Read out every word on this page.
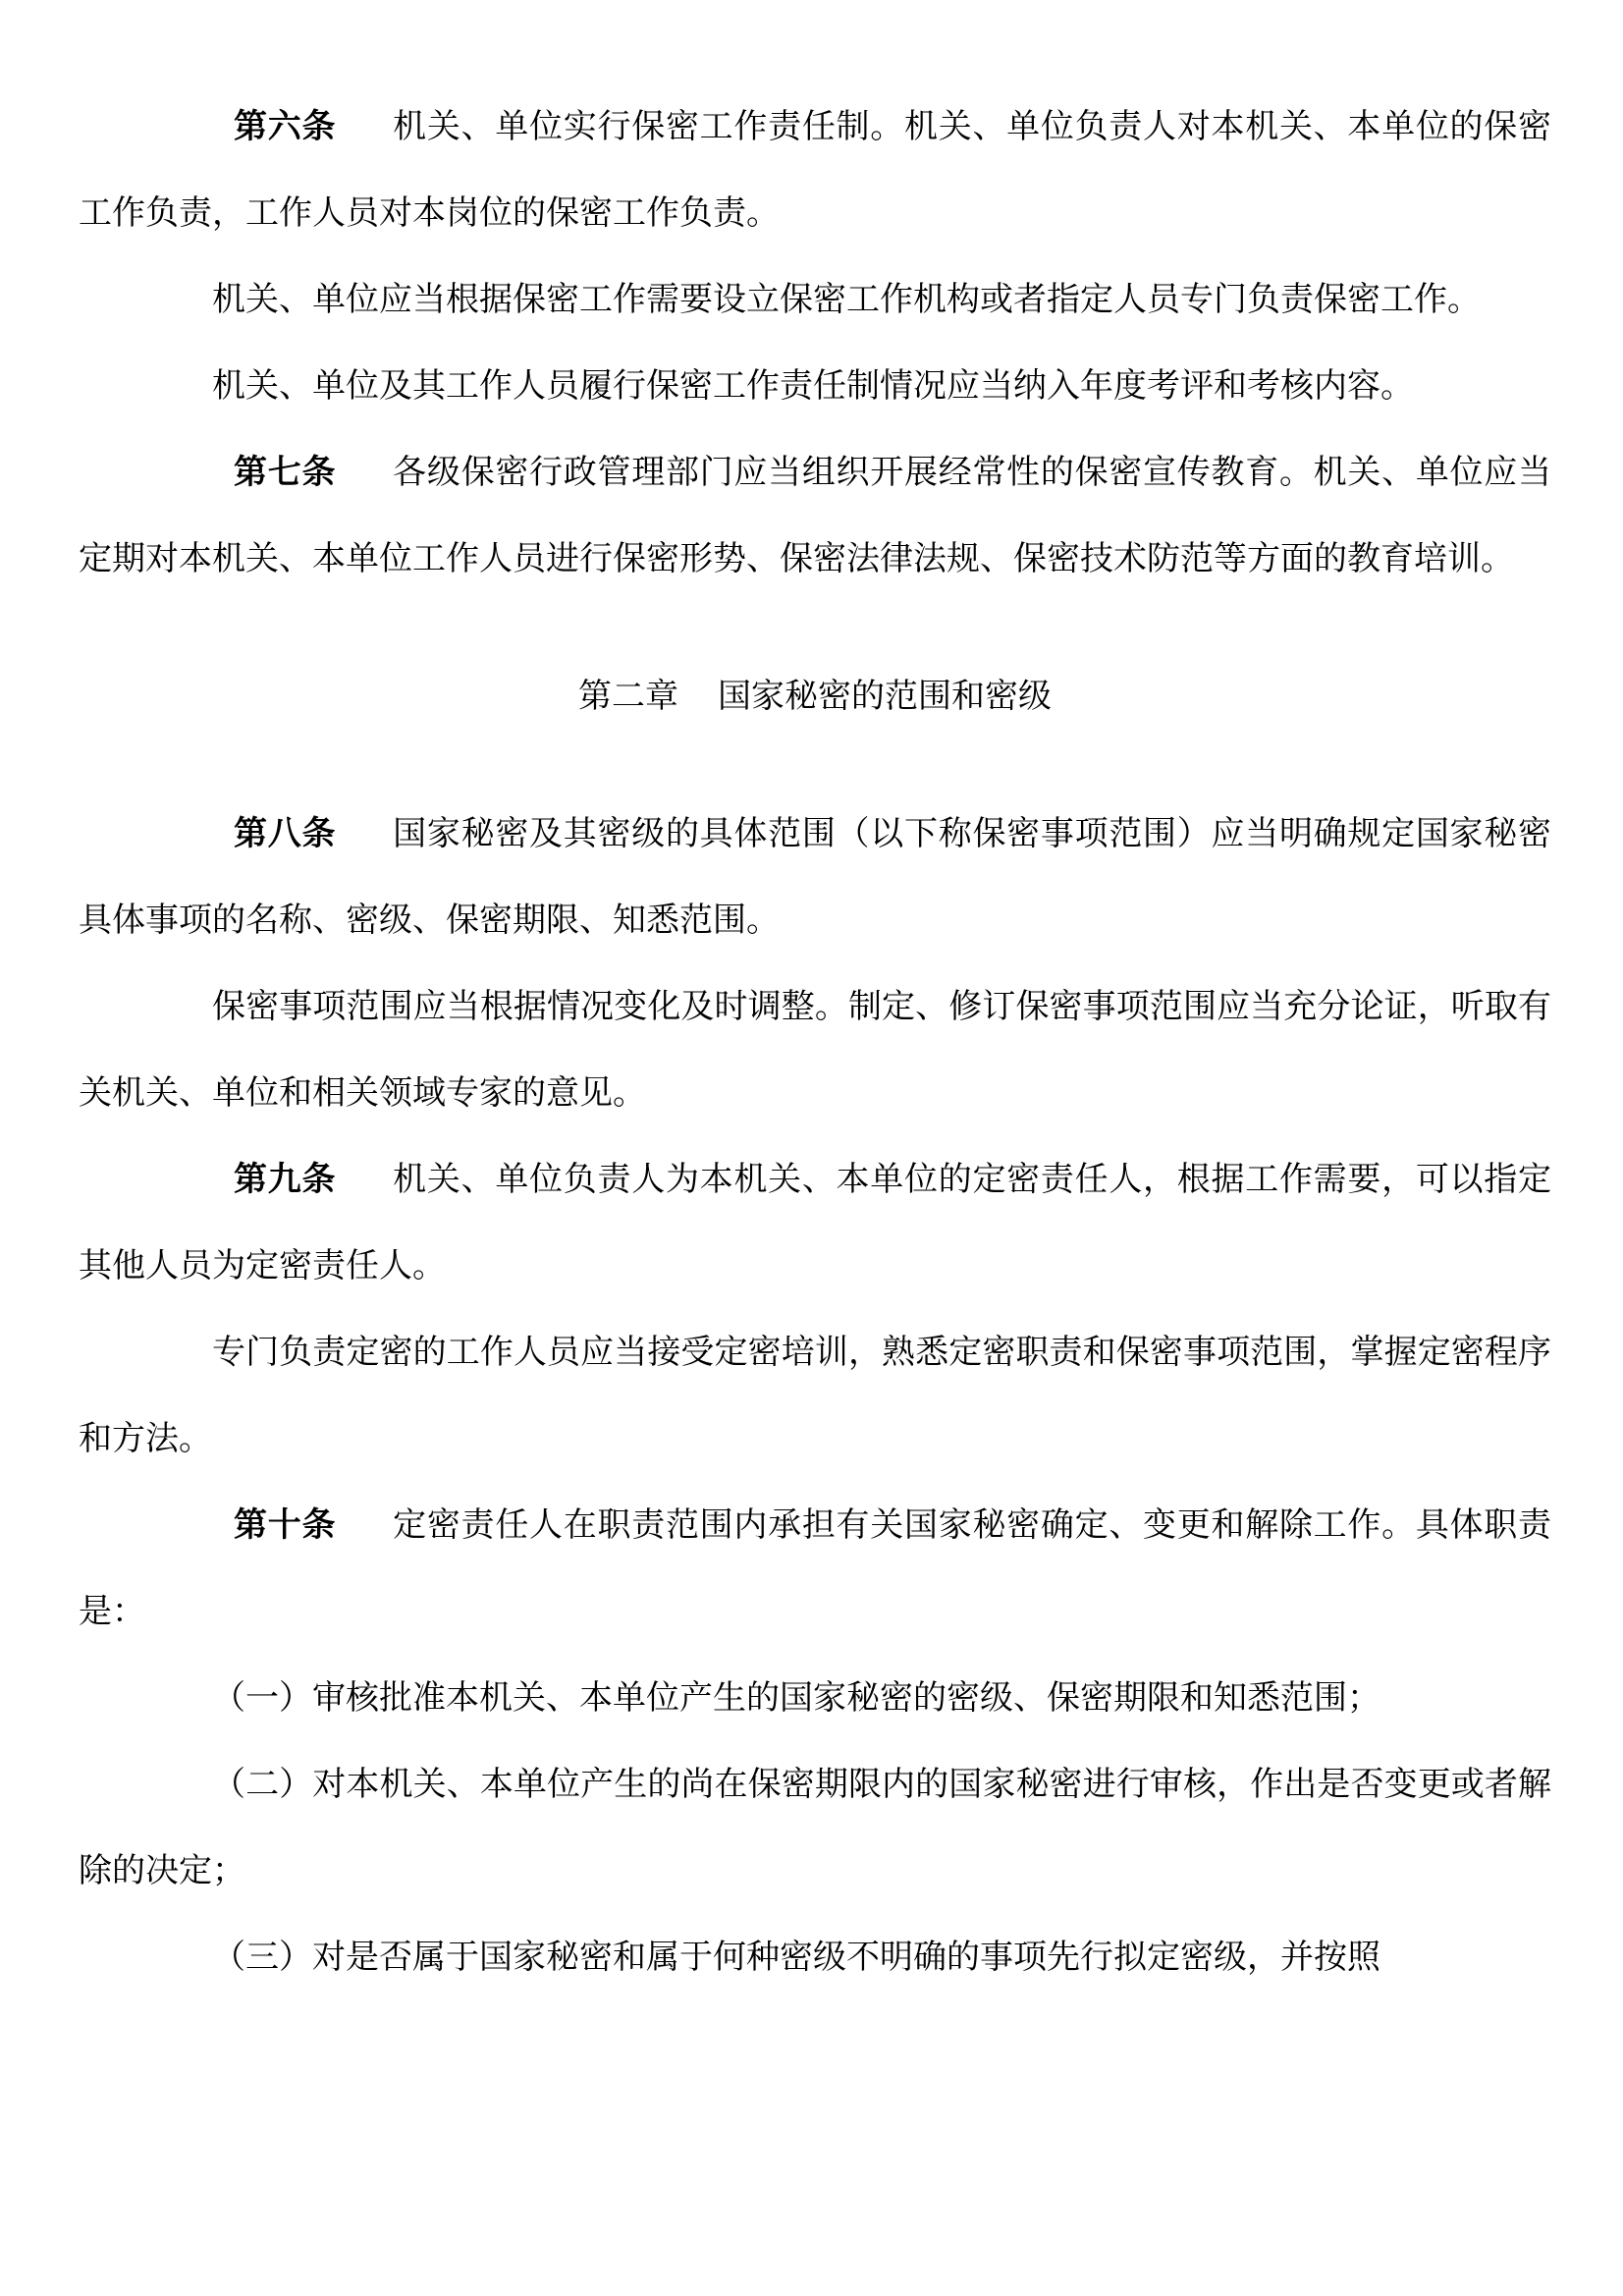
第六条 机关、单位实行保密工作责任制。机关、单位负责人对本机关、本单位的保密工作负责，工作人员对本岗位的保密工作负责。

机关、单位应当根据保密工作需要设立保密工作机构或者指定人员专门负责保密工作。

机关、单位及其工作人员履行保密工作责任制情况应当纳入年度考评和考核内容。

第七条 各级保密行政管理部门应当组织开展经常性的保密宣传教育。机关、单位应当定期对本机关、本单位工作人员进行保密形势、保密法律法规、保密技术防范等方面的教育培训。

第二章 国家秘密的范围和密级

第八条 国家秘密及其密级的具体范围（以下称保密事项范围）应当明确规定国家秘密具体事项的名称、密级、保密期限、知悉范围。

保密事项范围应当根据情况变化及时调整。制定、修订保密事项范围应当充分论证，听取有关机关、单位和相关领域专家的意见。

第九条 机关、单位负责人为本机关、本单位的定密责任人，根据工作需要，可以指定其他人员为定密责任人。

专门负责定密的工作人员应当接受定密培训，熟悉定密职责和保密事项范围，掌握定密程序和方法。

第十条 定密责任人在职责范围内承担有关国家秘密确定、变更和解除工作。具体职责是：

（一）审核批准本机关、本单位产生的国家秘密的密级、保密期限和知悉范围；

（二）对本机关、本单位产生的尚在保密期限内的国家秘密进行审核，作出是否变更或者解除的决定；

（三）对是否属于国家秘密和属于何种密级不明确的事项先行拟定密级，并按照
